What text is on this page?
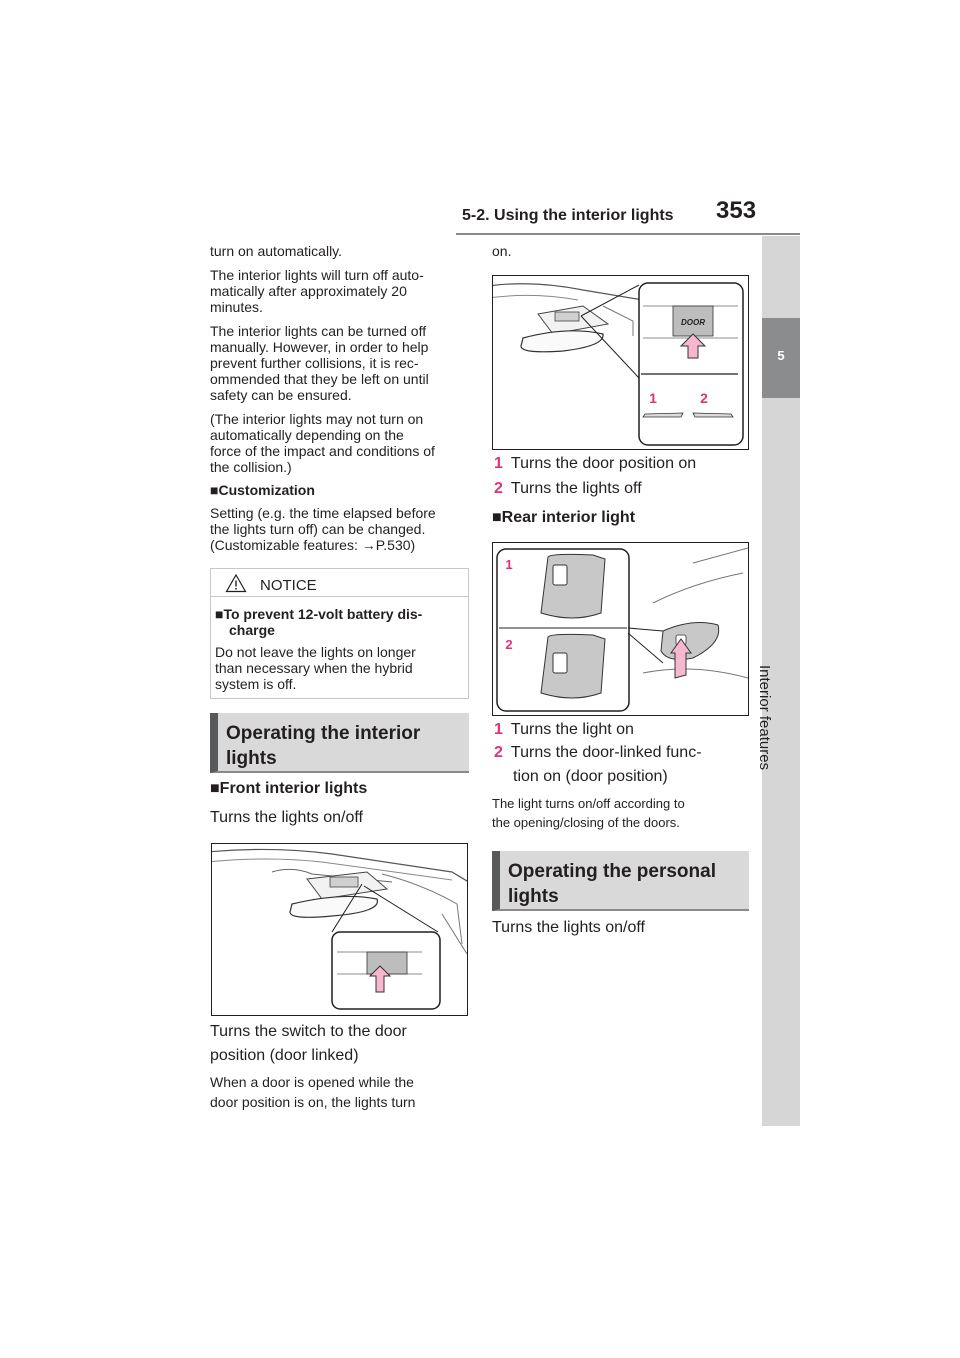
5-2. Using the interior lights 353
5
Interior features
turn on automatically.
The interior lights will turn off auto-
matically after approximately 20
minutes.
The interior lights can be turned off
manually. However, in order to help
prevent further collisions, it is rec-
ommended that they be left on until
safety can be ensured.
(The interior lights may not turn on
automatically depending on the
force of the impact and conditions of
the collision.)
■Customization
Setting (e.g. the time elapsed before
the lights turn off) can be changed.
(Customizable features: →P.530)
NOTICE
■To prevent 12-volt battery dis-
charge
Do not leave the lights on longer
than necessary when the hybrid
system is off.
Operating the interior
lights
■Front interior lights
Turns the lights on/off
Turns the switch to the door
position (door linked)
When a door is opened while the
door position is on, the lights turn
on.
DOOR
1	2
1 Turns the door position on
2 Turns the lights off
■Rear interior light
1
2
1 Turns the light on
2 Turns the door-linked func-
tion on (door position)
The light turns on/off according to
the opening/closing of the doors.
Operating the personal
lights
Turns the lights on/off
